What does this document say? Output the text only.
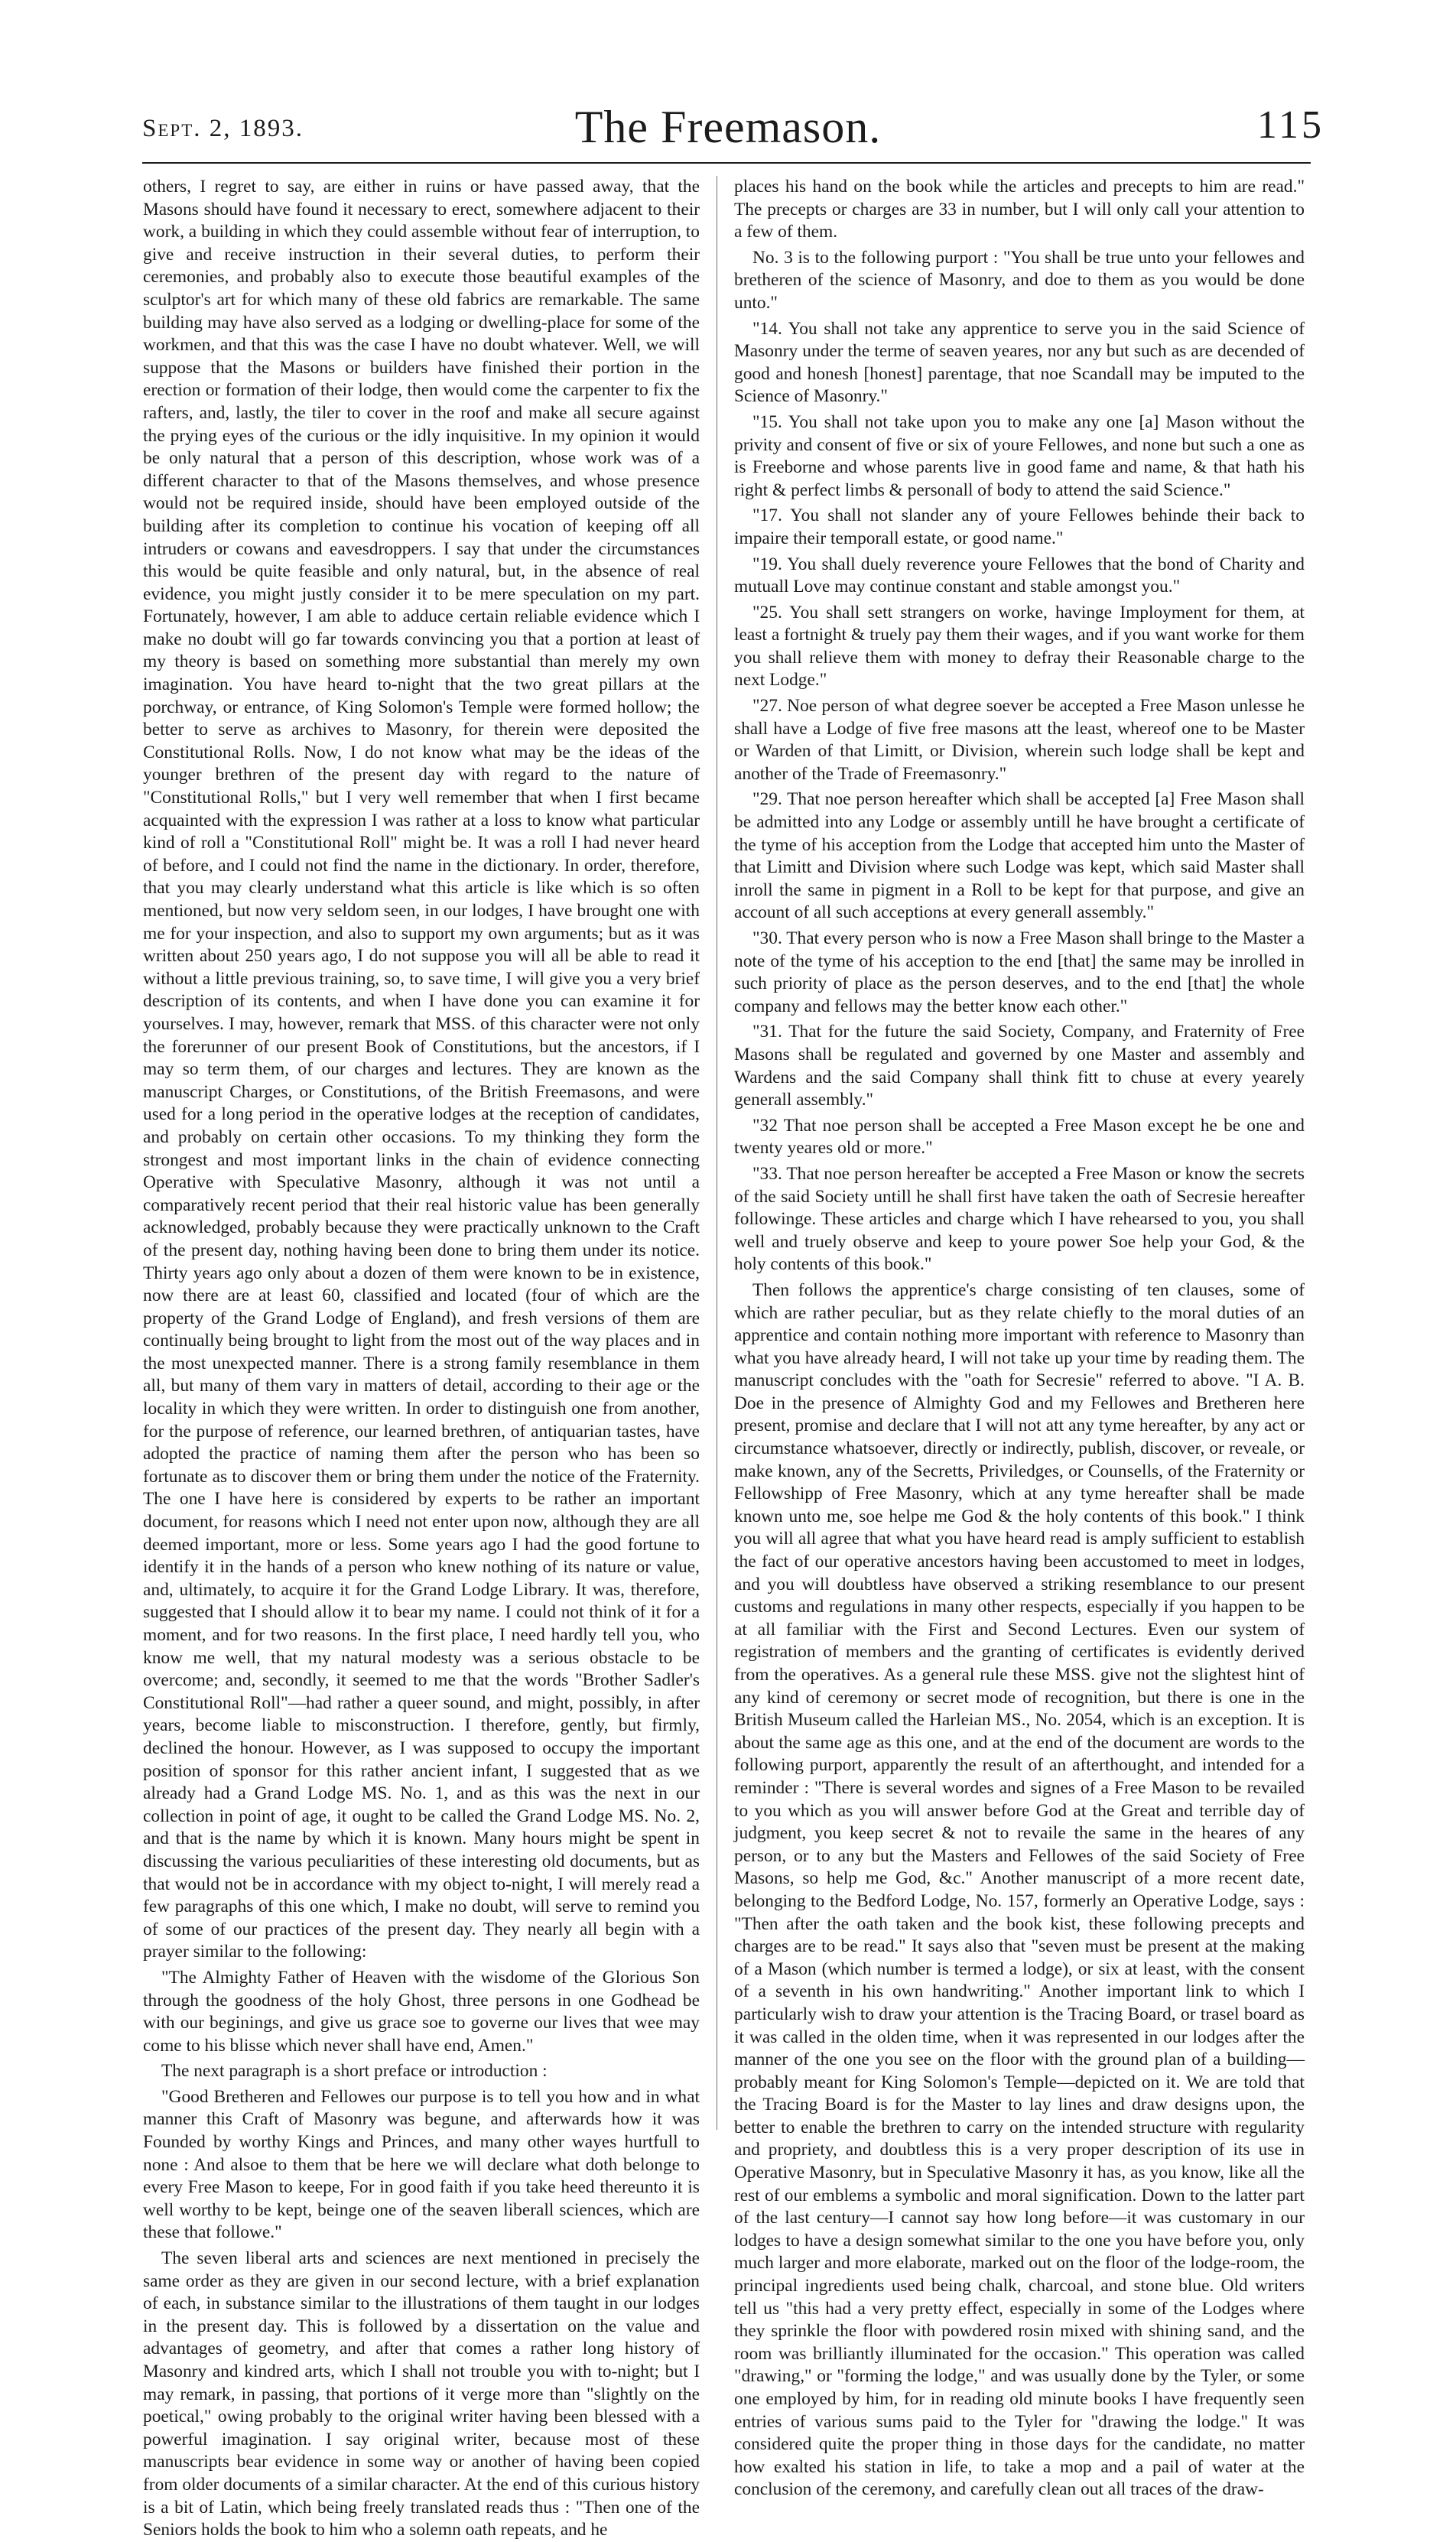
Sept. 2, 1893.	The Freemason.	115

others, I regret to say, are either in ruins or have passed away, that the Masons should have found it necessary to erect, somewhere adjacent to their work, a building in which they could assemble without fear of interruption, to give and receive instruction in their several duties, to perform their ceremonies, and probably also to execute those beautiful examples of the sculptor's art for which many of these old fabrics are remarkable. The same building may have also served as a lodging or dwelling-place for some of the workmen, and that this was the case I have no doubt whatever. Well, we will suppose that the Masons or builders have finished their portion in the erection or formation of their lodge, then would come the carpenter to fix the rafters, and, lastly, the tiler to cover in the roof and make all secure against the prying eyes of the curious or the idly inquisitive. In my opinion it would be only natural that a person of this description, whose work was of a different character to that of the Masons themselves, and whose presence would not be required inside, should have been employed outside of the building after its completion to continue his vocation of keeping off all intruders or cowans and eavesdroppers. I say that under the circumstances this would be quite feasible and only natural, but, in the absence of real evidence, you might justly consider it to be mere speculation on my part. Fortunately, however, I am able to adduce certain reliable evidence which I make no doubt will go far towards convincing you that a portion at least of my theory is based on something more substantial than merely my own imagination. You have heard to-night that the two great pillars at the porchway, or entrance, of King Solomon's Temple were formed hollow; the better to serve as archives to Masonry, for therein were deposited the Constitutional Rolls. Now, I do not know what may be the ideas of the younger brethren of the present day with regard to the nature of "Constitutional Rolls," but I very well remember that when I first became acquainted with the expression I was rather at a loss to know what particular kind of roll a "Constitutional Roll" might be. It was a roll I had never heard of before, and I could not find the name in the dictionary. In order, therefore, that you may clearly understand what this article is like which is so often mentioned, but now very seldom seen, in our lodges, I have brought one with me for your inspection, and also to support my own arguments; but as it was written about 250 years ago, I do not suppose you will all be able to read it without a little previous training, so, to save time, I will give you a very brief description of its contents, and when I have done you can examine it for yourselves. I may, however, remark that MSS. of this character were not only the forerunner of our present Book of Constitutions, but the ancestors, if I may so term them, of our charges and lectures. They are known as the manuscript Charges, or Constitutions, of the British Freemasons, and were used for a long period in the operative lodges at the reception of candidates, and probably on certain other occasions. To my thinking they form the strongest and most important links in the chain of evidence connecting Operative with Speculative Masonry, although it was not until a comparatively recent period that their real historic value has been generally acknowledged, probably because they were practically unknown to the Craft of the present day, nothing having been done to bring them under its notice. Thirty years ago only about a dozen of them were known to be in existence, now there are at least 60, classified and located (four of which are the property of the Grand Lodge of England), and fresh versions of them are continually being brought to light from the most out of the way places and in the most unexpected manner. There is a strong family resemblance in them all, but many of them vary in matters of detail, according to their age or the locality in which they were written. In order to distinguish one from another, for the purpose of reference, our learned brethren, of antiquarian tastes, have adopted the practice of naming them after the person who has been so fortunate as to discover them or bring them under the notice of the Fraternity. The one I have here is considered by experts to be rather an important document, for reasons which I need not enter upon now, although they are all deemed important, more or less. Some years ago I had the good fortune to identify it in the hands of a person who knew nothing of its nature or value, and, ultimately, to acquire it for the Grand Lodge Library. It was, therefore, suggested that I should allow it to bear my name. I could not think of it for a moment, and for two reasons. In the first place, I need hardly tell you, who know me well, that my natural modesty was a serious obstacle to be overcome; and, secondly, it seemed to me that the words "Brother Sadler's Constitutional Roll"—had rather a queer sound, and might, possibly, in after years, become liable to misconstruction. I therefore, gently, but firmly, declined the honour. However, as I was supposed to occupy the important position of sponsor for this rather ancient infant, I suggested that as we already had a Grand Lodge MS. No. 1, and as this was the next in our collection in point of age, it ought to be called the Grand Lodge MS. No. 2, and that is the name by which it is known. Many hours might be spent in discussing the various peculiarities of these interesting old documents, but as that would not be in accordance with my object to-night, I will merely read a few paragraphs of this one which, I make no doubt, will serve to remind you of some of our practices of the present day. They nearly all begin with a prayer similar to the following:

"The Almighty Father of Heaven with the wisdome of the Glorious Son through the goodness of the holy Ghost, three persons in one Godhead be with our beginings, and give us grace soe to governe our lives that wee may come to his blisse which never shall have end, Amen."

The next paragraph is a short preface or introduction :

"Good Bretheren and Fellowes our purpose is to tell you how and in what manner this Craft of Masonry was begune, and afterwards how it was Founded by worthy Kings and Princes, and many other wayes hurtfull to none : And alsoe to them that be here we will declare what doth belonge to every Free Mason to keepe, For in good faith if you take heed thereunto it is well worthy to be kept, beinge one of the seaven liberall sciences, which are these that followe."

The seven liberal arts and sciences are next mentioned in precisely the same order as they are given in our second lecture, with a brief explanation of each, in substance similar to the illustrations of them taught in our lodges in the present day. This is followed by a dissertation on the value and advantages of geometry, and after that comes a rather long history of Masonry and kindred arts, which I shall not trouble you with to-night; but I may remark, in passing, that portions of it verge more than "slightly on the poetical," owing probably to the original writer having been blessed with a powerful imagination. I say original writer, because most of these manuscripts bear evidence in some way or another of having been copied from older documents of a similar character. At the end of this curious history is a bit of Latin, which being freely translated reads thus : "Then one of the Seniors holds the book to him who a solemn oath repeats, and he

places his hand on the book while the articles and precepts to him are read." The precepts or charges are 33 in number, but I will only call your attention to a few of them.

No. 3 is to the following purport : "You shall be true unto your fellowes and bretheren of the science of Masonry, and doe to them as you would be done unto."

"14. You shall not take any apprentice to serve you in the said Science of Masonry under the terme of seaven yeares, nor any but such as are decended of good and honesh [honest] parentage, that noe Scandall may be imputed to the Science of Masonry."

"15. You shall not take upon you to make any one [a] Mason without the privity and consent of five or six of youre Fellowes, and none but such a one as is Freeborne and whose parents live in good fame and name, & that hath his right & perfect limbs & personall of body to attend the said Science."

"17. You shall not slander any of youre Fellowes behinde their back to impaire their temporall estate, or good name."

"19. You shall duely reverence youre Fellowes that the bond of Charity and mutuall Love may continue constant and stable amongst you."

"25. You shall sett strangers on worke, havinge Imployment for them, at least a fortnight & truely pay them their wages, and if you want worke for them you shall relieve them with money to defray their Reasonable charge to the next Lodge."

"27. Noe person of what degree soever be accepted a Free Mason unlesse he shall have a Lodge of five free masons att the least, whereof one to be Master or Warden of that Limitt, or Division, wherein such lodge shall be kept and another of the Trade of Freemasonry."

"29. That noe person hereafter which shall be accepted [a] Free Mason shall be admitted into any Lodge or assembly untill he have brought a certificate of the tyme of his acception from the Lodge that accepted him unto the Master of that Limitt and Division where such Lodge was kept, which said Master shall inroll the same in pigment in a Roll to be kept for that purpose, and give an account of all such acceptions at every generall assembly."

"30. That every person who is now a Free Mason shall bringe to the Master a note of the tyme of his acception to the end [that] the same may be inrolled in such priority of place as the person deserves, and to the end [that] the whole company and fellows may the better know each other."

"31. That for the future the said Society, Company, and Fraternity of Free Masons shall be regulated and governed by one Master and assembly and Wardens and the said Company shall think fitt to chuse at every yearely generall assembly."

"32 That noe person shall be accepted a Free Mason except he be one and twenty yeares old or more."

"33. That noe person hereafter be accepted a Free Mason or know the secrets of the said Society untill he shall first have taken the oath of Secresie hereafter followinge. These articles and charge which I have rehearsed to you, you shall well and truely observe and keep to youre power Soe help your God, & the holy contents of this book."

Then follows the apprentice's charge consisting of ten clauses, some of which are rather peculiar, but as they relate chiefly to the moral duties of an apprentice and contain nothing more important with reference to Masonry than what you have already heard, I will not take up your time by reading them. The manuscript concludes with the "oath for Secresie" referred to above. "I A. B. Doe in the presence of Almighty God and my Fellowes and Bretheren here present, promise and declare that I will not att any tyme hereafter, by any act or circumstance whatsoever, directly or indirectly, publish, discover, or reveale, or make known, any of the Secretts, Priviledges, or Counsells, of the Fraternity or Fellowshipp of Free Masonry, which at any tyme hereafter shall be made known unto me, soe helpe me God & the holy contents of this book." I think you will all agree that what you have heard read is amply sufficient to establish the fact of our operative ancestors having been accustomed to meet in lodges, and you will doubtless have observed a striking resemblance to our present customs and regulations in many other respects, especially if you happen to be at all familiar with the First and Second Lectures. Even our system of registration of members and the granting of certificates is evidently derived from the operatives. As a general rule these MSS. give not the slightest hint of any kind of ceremony or secret mode of recognition, but there is one in the British Museum called the Harleian MS., No. 2054, which is an exception. It is about the same age as this one, and at the end of the document are words to the following purport, apparently the result of an afterthought, and intended for a reminder : "There is several wordes and signes of a Free Mason to be revailed to you which as you will answer before God at the Great and terrible day of judgment, you keep secret & not to revaile the same in the heares of any person, or to any but the Masters and Fellowes of the said Society of Free Masons, so help me God, &c." Another manuscript of a more recent date, belonging to the Bedford Lodge, No. 157, formerly an Operative Lodge, says : "Then after the oath taken and the book kist, these following precepts and charges are to be read." It says also that "seven must be present at the making of a Mason (which number is termed a lodge), or six at least, with the consent of a seventh in his own handwriting." Another important link to which I particularly wish to draw your attention is the Tracing Board, or trasel board as it was called in the olden time, when it was represented in our lodges after the manner of the one you see on the floor with the ground plan of a building—probably meant for King Solomon's Temple—depicted on it. We are told that the Tracing Board is for the Master to lay lines and draw designs upon, the better to enable the brethren to carry on the intended structure with regularity and propriety, and doubtless this is a very proper description of its use in Operative Masonry, but in Speculative Masonry it has, as you know, like all the rest of our emblems a symbolic and moral signification. Down to the latter part of the last century—I cannot say how long before—it was customary in our lodges to have a design somewhat similar to the one you have before you, only much larger and more elaborate, marked out on the floor of the lodge-room, the principal ingredients used being chalk, charcoal, and stone blue. Old writers tell us "this had a very pretty effect, especially in some of the Lodges where they sprinkle the floor with powdered rosin mixed with shining sand, and the room was brilliantly illuminated for the occasion." This operation was called "drawing," or "forming the lodge," and was usually done by the Tyler, or some one employed by him, for in reading old minute books I have frequently seen entries of various sums paid to the Tyler for "drawing the lodge." It was considered quite the proper thing in those days for the candidate, no matter how exalted his station in life, to take a mop and a pail of water at the conclusion of the ceremony, and carefully clean out all traces of the draw-
